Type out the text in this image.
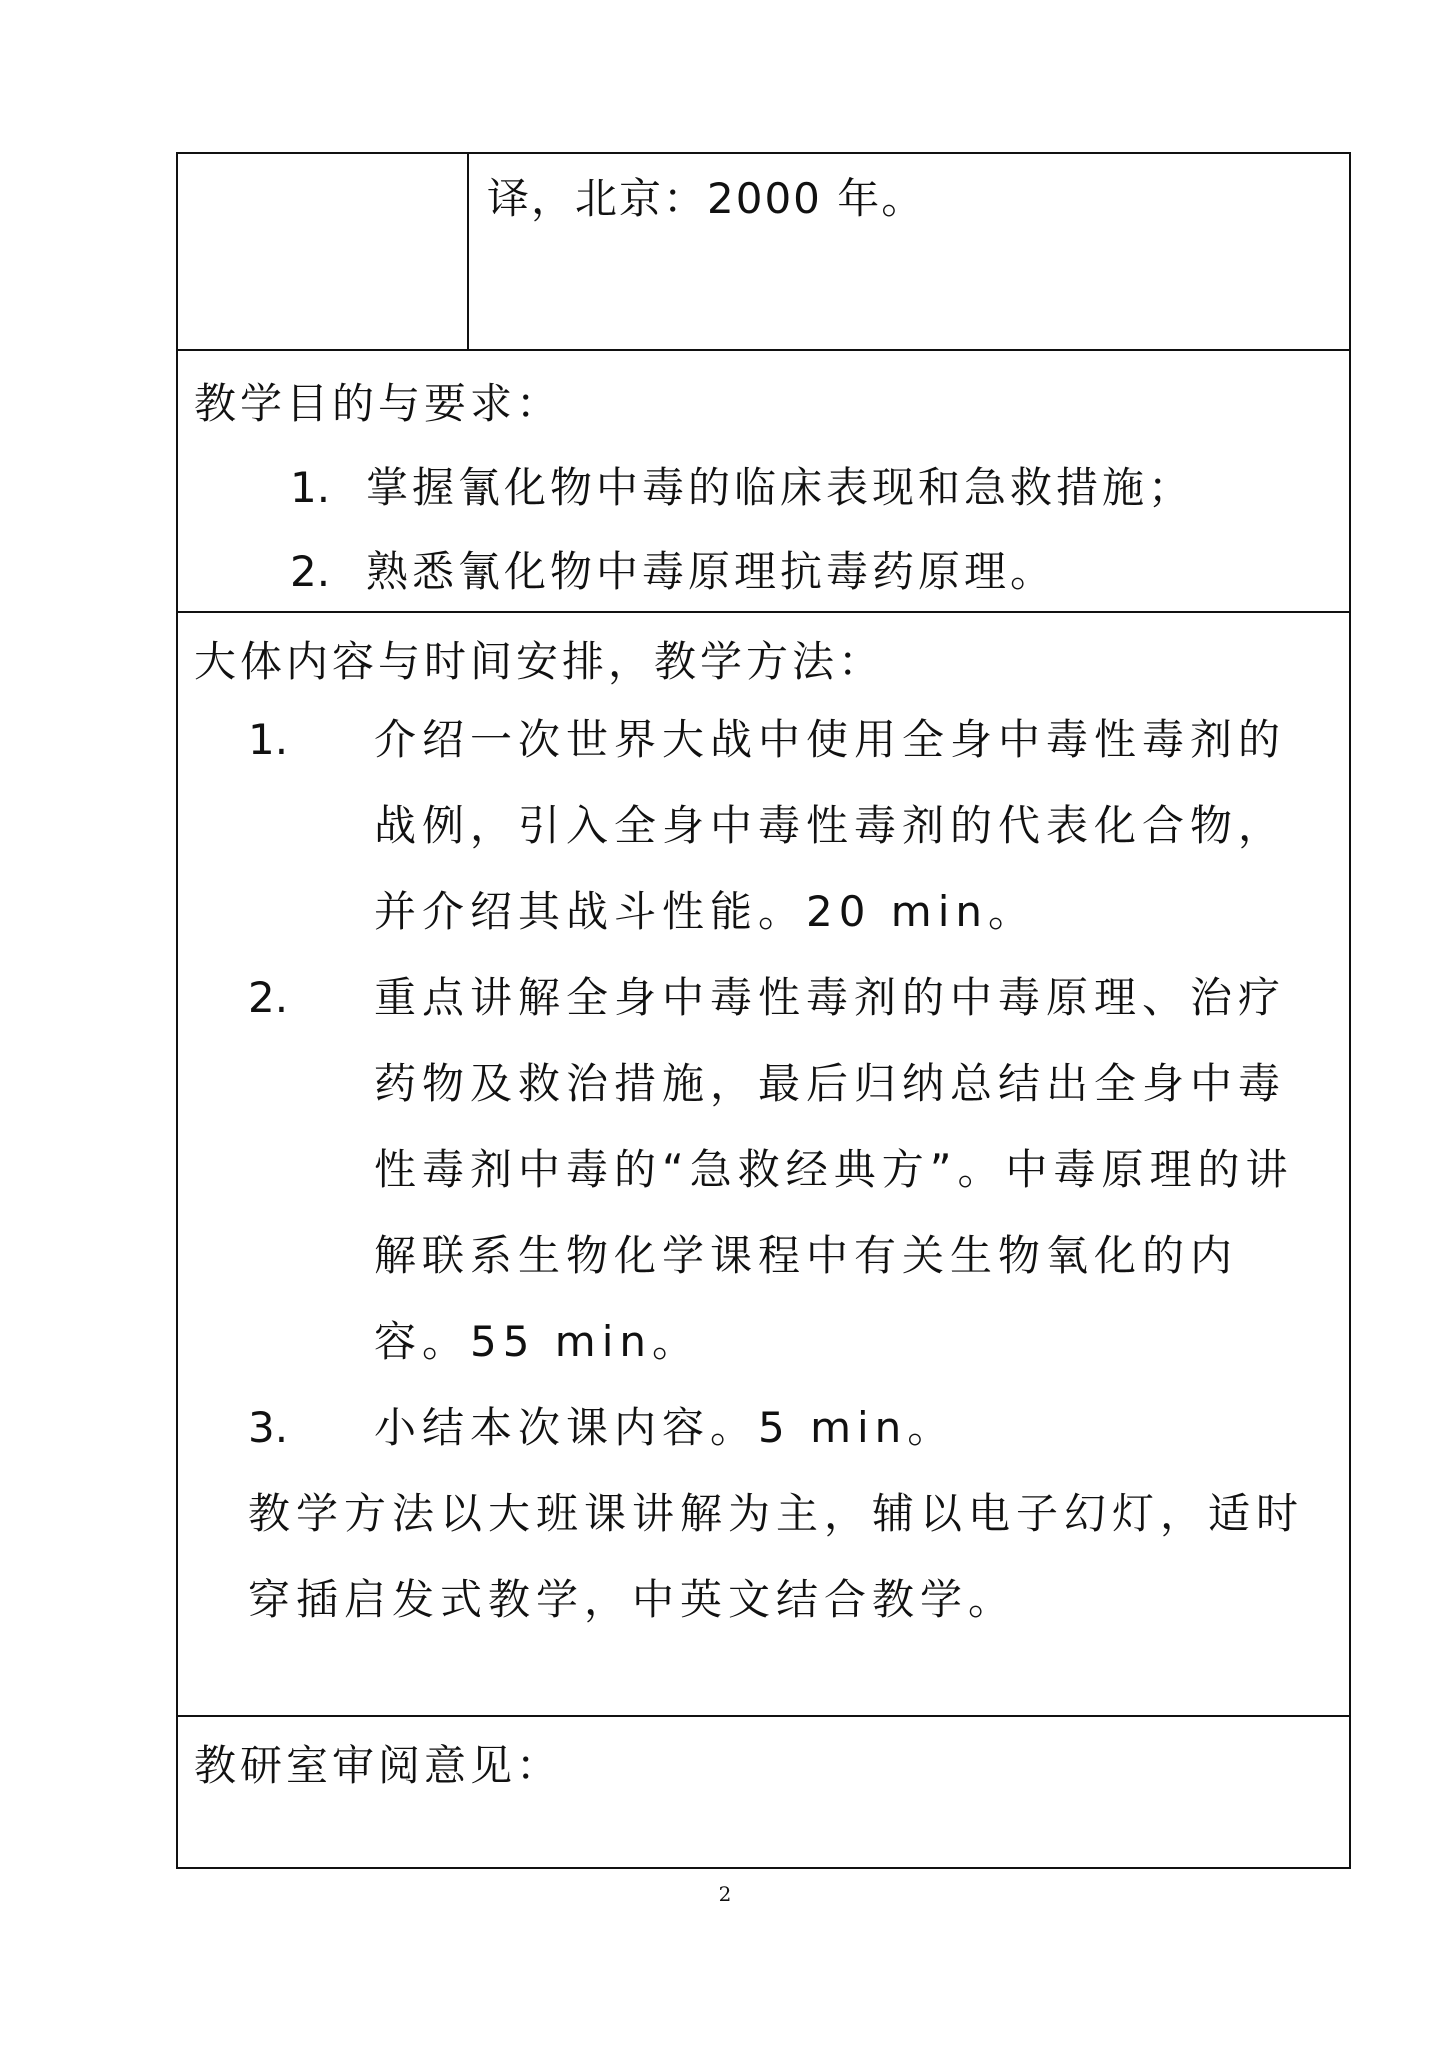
译，北京：2000 年。
教学目的与要求：
1. 掌握氰化物中毒的临床表现和急救措施；
2. 熟悉氰化物中毒原理抗毒药原理。
大体内容与时间安排，教学方法：
1. 介绍一次世界大战中使用全身中毒性毒剂的战例，引入全身中毒性毒剂的代表化合物，并介绍其战斗性能。20 min。
2. 重点讲解全身中毒性毒剂的中毒原理、治疗药物及救治措施，最后归纳总结出全身中毒性毒剂中毒的“急救经典方”。中毒原理的讲解联系生物化学课程中有关生物氧化的内容。55 min。
3. 小结本次课内容。5 min。
教学方法以大班课讲解为主，辅以电子幻灯，适时穿插启发式教学，中英文结合教学。
教研室审阅意见：
2
